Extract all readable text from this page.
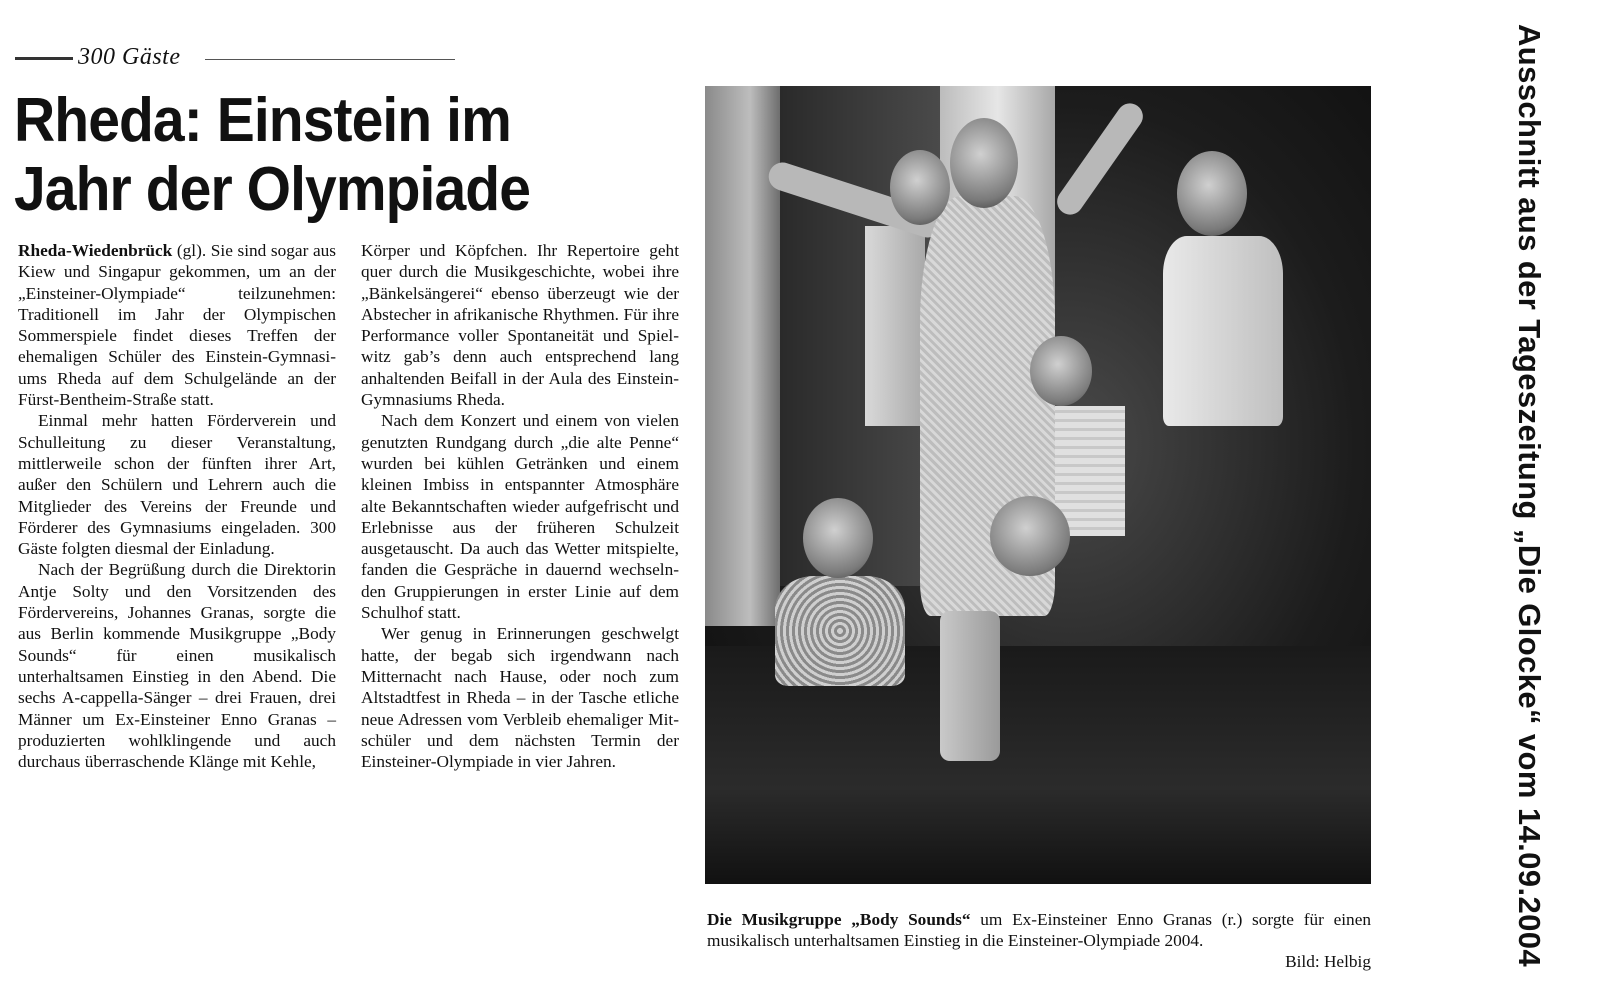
300 Gäste
Rheda: Einstein im
Jahr der Olympiade

Rheda-Wiedenbrück (gl). Sie sind sogar aus Kiew und Singapur gekommen, um an der „Einsteiner-Olympiade“ teilzunehmen: Traditionell im Jahr der Olympischen Sommerspiele findet dieses Treffen der ehemaligen Schüler des Einstein-Gymnasiums Rheda auf dem Schulgelände an der Fürst-Bentheim-Straße statt.

Einmal mehr hatten Förderverein und Schulleitung zu dieser Veranstaltung, mittlerweile schon der fünften ihrer Art, außer den Schülern und Lehrern auch die Mitglieder des Vereins der Freunde und Förderer des Gymnasiums eingeladen. 300 Gäste folgten diesmal der Einladung.

Nach der Begrüßung durch die Direktorin Antje Solty und den Vorsitzenden des Fördervereins, Johannes Granas, sorgte die aus Berlin kommende Musikgruppe „Body Sounds“ für einen musikalisch unterhaltsamen Einstieg in den Abend. Die sechs A-cappella-Sänger – drei Frauen, drei Männer um Ex-Einsteiner Enno Granas – produzierten wohlklingende und auch durchaus überraschende Klänge mit Kehle,

Körper und Köpfchen. Ihr Repertoire geht quer durch die Musikgeschichte, wobei ihre „Bänkelsängerei“ ebenso überzeugt wie der Abstecher in afrikanische Rhythmen. Für ihre Performance voller Spontaneität und Spielwitz gab’s denn auch entsprechend lang anhaltenden Beifall in der Aula des Einstein-Gymnasiums Rheda.

Nach dem Konzert und einem von vielen genutzten Rundgang durch „die alte Penne“ wurden bei kühlen Getränken und einem kleinen Imbiss in entspannter Atmosphäre alte Bekanntschaften wieder aufgefrischt und Erlebnisse aus der früheren Schulzeit ausgetauscht. Da auch das Wetter mitspielte, fanden die Gespräche in dauernd wechselnden Gruppierungen in erster Linie auf dem Schulhof statt.

Wer genug in Erinnerungen geschwelgt hatte, der begab sich irgendwann nach Mitternacht nach Hause, oder noch zum Altstadtfest in Rheda – in der Tasche etliche neue Adressen vom Verbleib ehemaliger Mitschüler und dem nächsten Termin der Einsteiner-Olympiade in vier Jahren.

Die Musikgruppe „Body Sounds“ um Ex-Einsteiner Enno Granas (r.) sorgte für einen musikalisch unterhaltsamen Einstieg in die Einsteiner-Olympiade 2004.
Bild: Helbig	Ausschnitt aus der Tageszeitung „Die Glocke“ vom 14.09.2004
